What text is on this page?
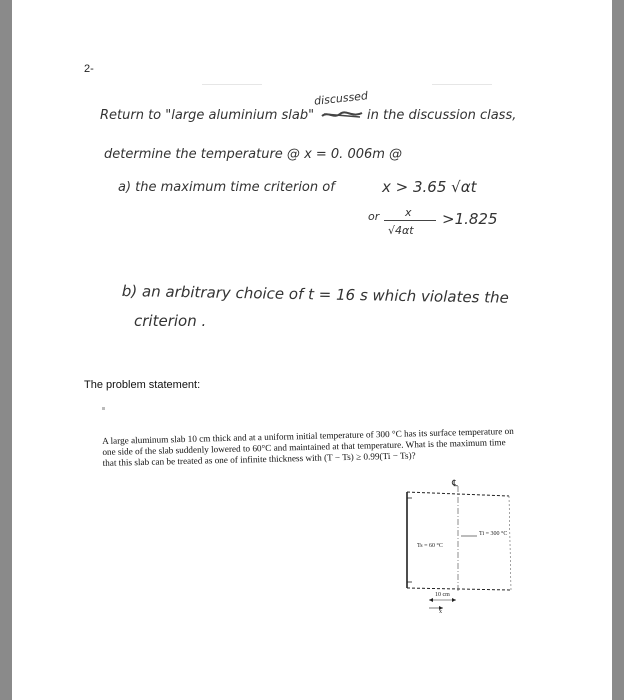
2-
discussed
Return to "large aluminium slab"	in the discussion class,
determine the temperature @ x = 0. 006m @
a) the maximum time criterion of	x > 3.65 √αt
or x
√4αt
>1.825
b) an arbitrary choice of t = 16 s which violates the
criterion .
The problem statement:
A large aluminum slab 10 cm thick and at a uniform initial temperature of 300 °C has its surface temperature on one side of the slab suddenly lowered to 60°C and maintained at that temperature. What is the maximum time that this slab can be treated as one of infinite thickness with (T − Ts) ≥ 0.99(Ti − Ts)?
℄
Ti = 300 °C
Ts = 60 °C
10 cm
x
